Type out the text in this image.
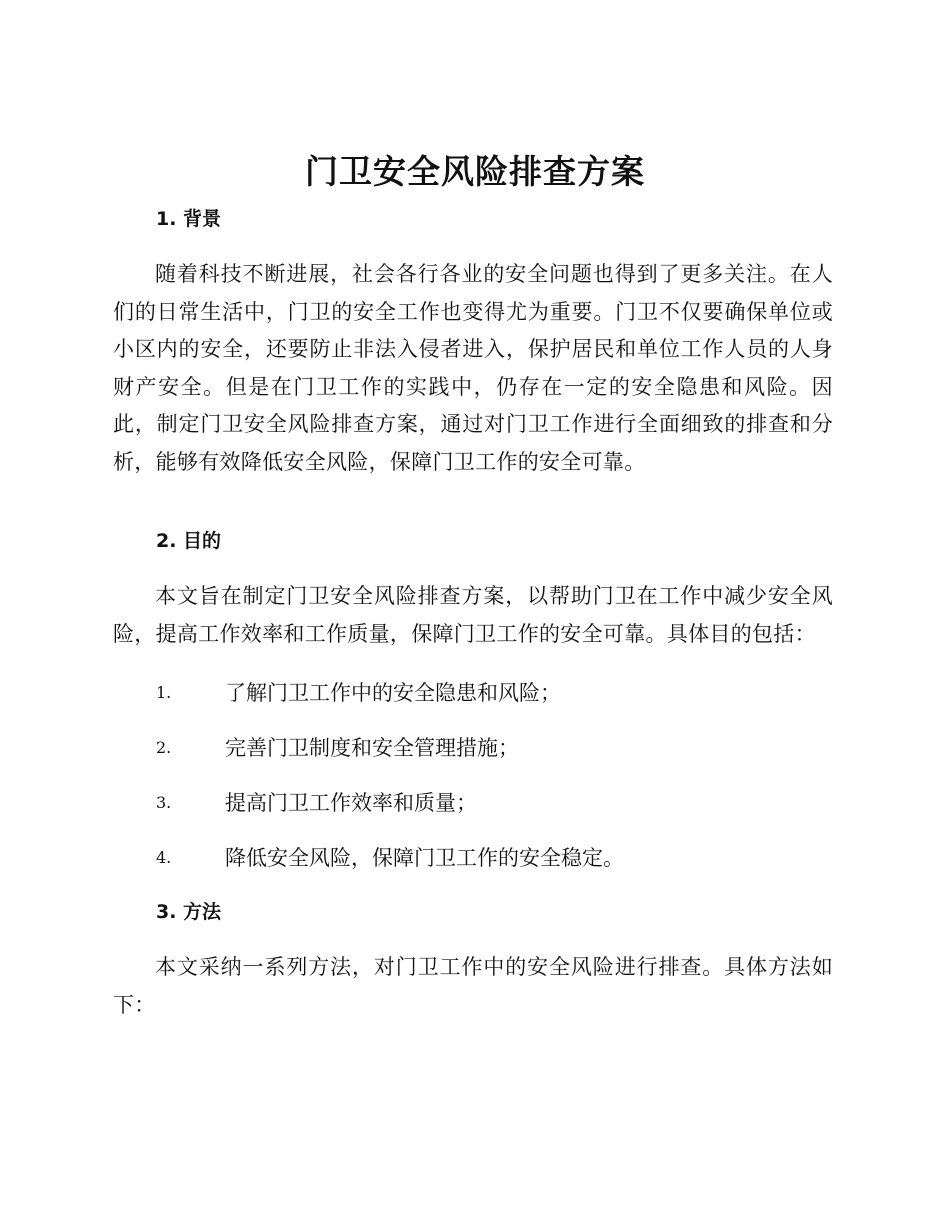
门卫安全风险排查方案
1. 背景

随着科技不断进展，社会各行各业的安全问题也得到了更多关注。在人们的日常生活中，门卫的安全工作也变得尤为重要。门卫不仅要确保单位或小区内的安全，还要防止非法入侵者进入，保护居民和单位工作人员的人身财产安全。但是在门卫工作的实践中，仍存在一定的安全隐患和风险。因此，制定门卫安全风险排查方案，通过对门卫工作进行全面细致的排查和分析，能够有效降低安全风险，保障门卫工作的安全可靠。

2. 目的

本文旨在制定门卫安全风险排查方案，以帮助门卫在工作中减少安全风险，提高工作效率和工作质量，保障门卫工作的安全可靠。具体目的包括：

1.	了解门卫工作中的安全隐患和风险；
2.	完善门卫制度和安全管理措施；
3.	提高门卫工作效率和质量；
4.	降低安全风险，保障门卫工作的安全稳定。
3. 方法

本文采纳一系列方法，对门卫工作中的安全风险进行排查。具体方法如下：
